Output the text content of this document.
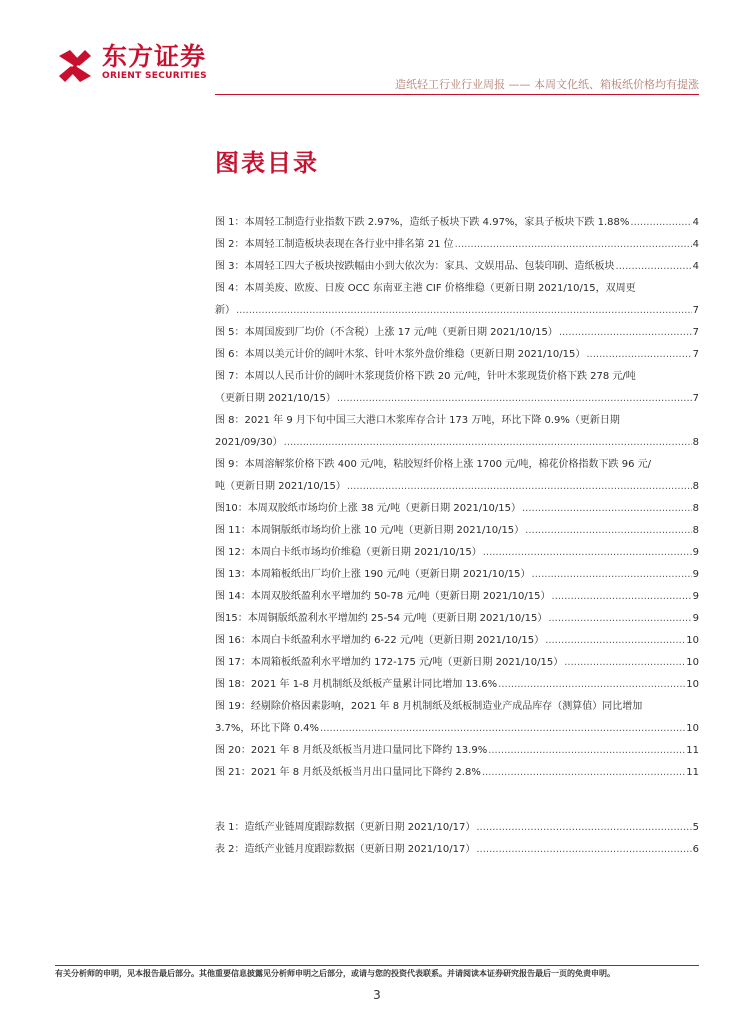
东方证券
ORIENT SECURITIES
造纸轻工行业行业周报 —— 本周文化纸、箱板纸价格均有提涨
图表目录
图 1：本周轻工制造行业指数下跌 2.97%，造纸子板块下跌 4.97%，家具子板块下跌 1.88% .....	4
图 2：本周轻工制造板块表现在各行业中排名第 21 位 .....	4
图 3：本周轻工四大子板块按跌幅由小到大依次为：家具、文娱用品、包装印刷、造纸板块 .....	4
图 4：本周美废、欧废、日废 OCC 东南亚主港 CIF 价格维稳（更新日期 2021/10/15，双周更
新） .....	7
图 5：本周国废到厂均价（不含税）上涨 17 元/吨（更新日期 2021/10/15） .....	7
图 6：本周以美元计价的阔叶木浆、针叶木浆外盘价维稳（更新日期 2021/10/15） .....	7
图 7：本周以人民币计价的阔叶木浆现货价格下跌 20 元/吨，针叶木浆现货价格下跌 278 元/吨
（更新日期 2021/10/15） .....	7
图 8：2021 年 9 月下旬中国三大港口木浆库存合计 173 万吨，环比下降 0.9%（更新日期
2021/09/30） .....	8
图 9：本周溶解浆价格下跌 400 元/吨，粘胶短纤价格上涨 1700 元/吨，棉花价格指数下跌 96 元/
吨（更新日期 2021/10/15） .....	8
图10：本周双胶纸市场均价上涨 38 元/吨（更新日期 2021/10/15） .....	8
图 11：本周铜版纸市场均价上涨 10 元/吨（更新日期 2021/10/15） .....	8
图 12：本周白卡纸市场均价维稳（更新日期 2021/10/15） .....	9
图 13：本周箱板纸出厂均价上涨 190 元/吨（更新日期 2021/10/15） .....	9
图 14：本周双胶纸盈利水平增加约 50-78 元/吨（更新日期 2021/10/15） .....	9
图15：本周铜版纸盈利水平增加约 25-54 元/吨（更新日期 2021/10/15） .....	9
图 16：本周白卡纸盈利水平增加约 6-22 元/吨（更新日期 2021/10/15） .....	10
图 17：本周箱板纸盈利水平增加约 172-175 元/吨（更新日期 2021/10/15） .....	10
图 18：2021 年 1-8 月机制纸及纸板产量累计同比增加 13.6% .....	10
图 19：经剔除价格因素影响，2021 年 8 月机制纸及纸板制造业产成品库存（测算值）同比增加
3.7%，环比下降 0.4% .....	10
图 20：2021 年 8 月纸及纸板当月进口量同比下降约 13.9% .....	11
图 21：2021 年 8 月纸及纸板当月出口量同比下降约 2.8% .....	11
表 1：造纸产业链周度跟踪数据（更新日期 2021/10/17） .....	5
表 2：造纸产业链月度跟踪数据（更新日期 2021/10/17） .....	6
有关分析师的申明，见本报告最后部分。其他重要信息披露见分析师申明之后部分，或请与您的投资代表联系。并请阅读本证券研究报告最后一页的免责申明。
3
